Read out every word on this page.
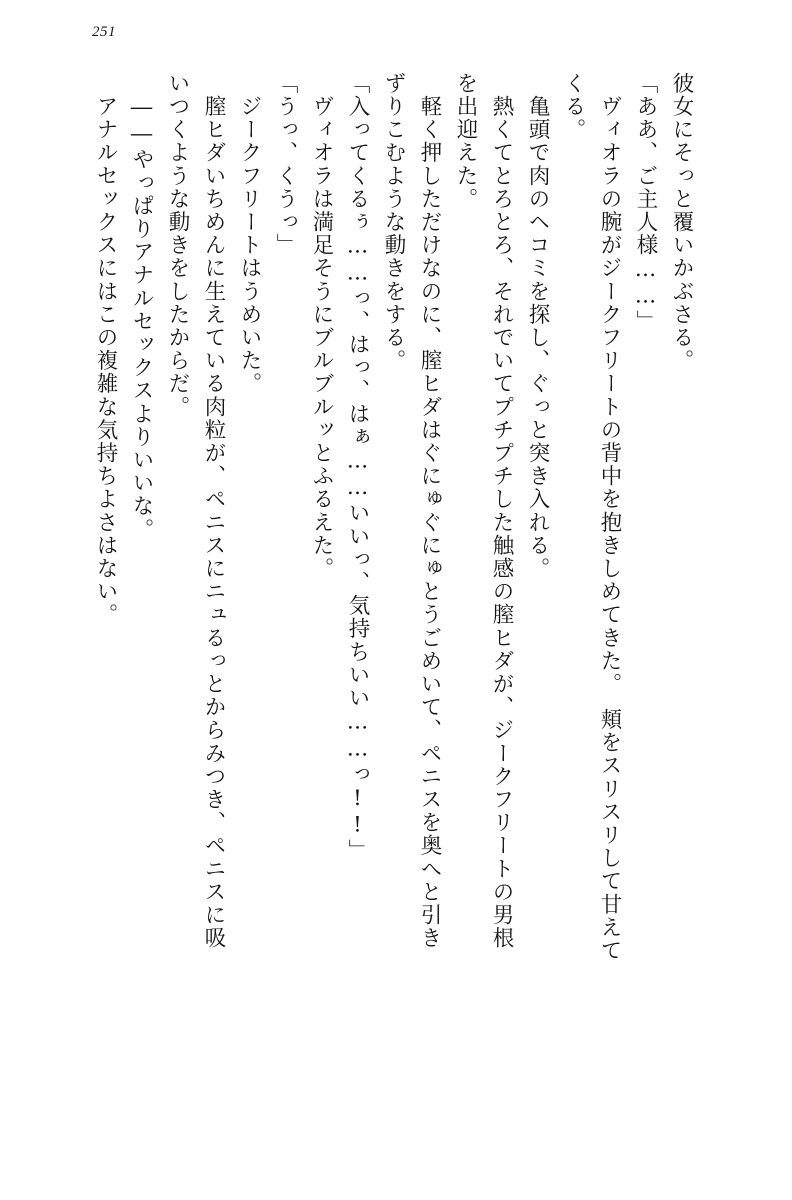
251
彼女にそっと覆いかぶさる。
「ああ、ご主人様……」
　ヴィオラの腕がジークフリートの背中を抱きしめてきた。　頬をスリスリして甘えて
くる。
　亀頭で肉のヘコミを探し、ぐっと突き入れる。
　熱くてとろとろ、それでいてプチプチした触感の膣ヒダが、ジークフリートの男根
を出迎えた。
　軽く押しただけなのに、膣ヒダはぐにゅぐにゅとうごめいて、ペニスを奥へと引き
ずりこむような動きをする。
「入ってくるぅ……っ、はっ、はぁ……いいっ、気持ちいい……っ!!」
　ヴィオラは満足そうにブルブルッとふるえた。
「うっ、くうっ」
　ジークフリートはうめいた。
　膣ヒダいちめんに生えている肉粒が、ペニスにニュるっとからみつき、ペニスに吸
いつくような動きをしたからだ。
　――やっぱりアナルセックスよりいいな。
　アナルセックスにはこの複雑な気持ちよさはない。
